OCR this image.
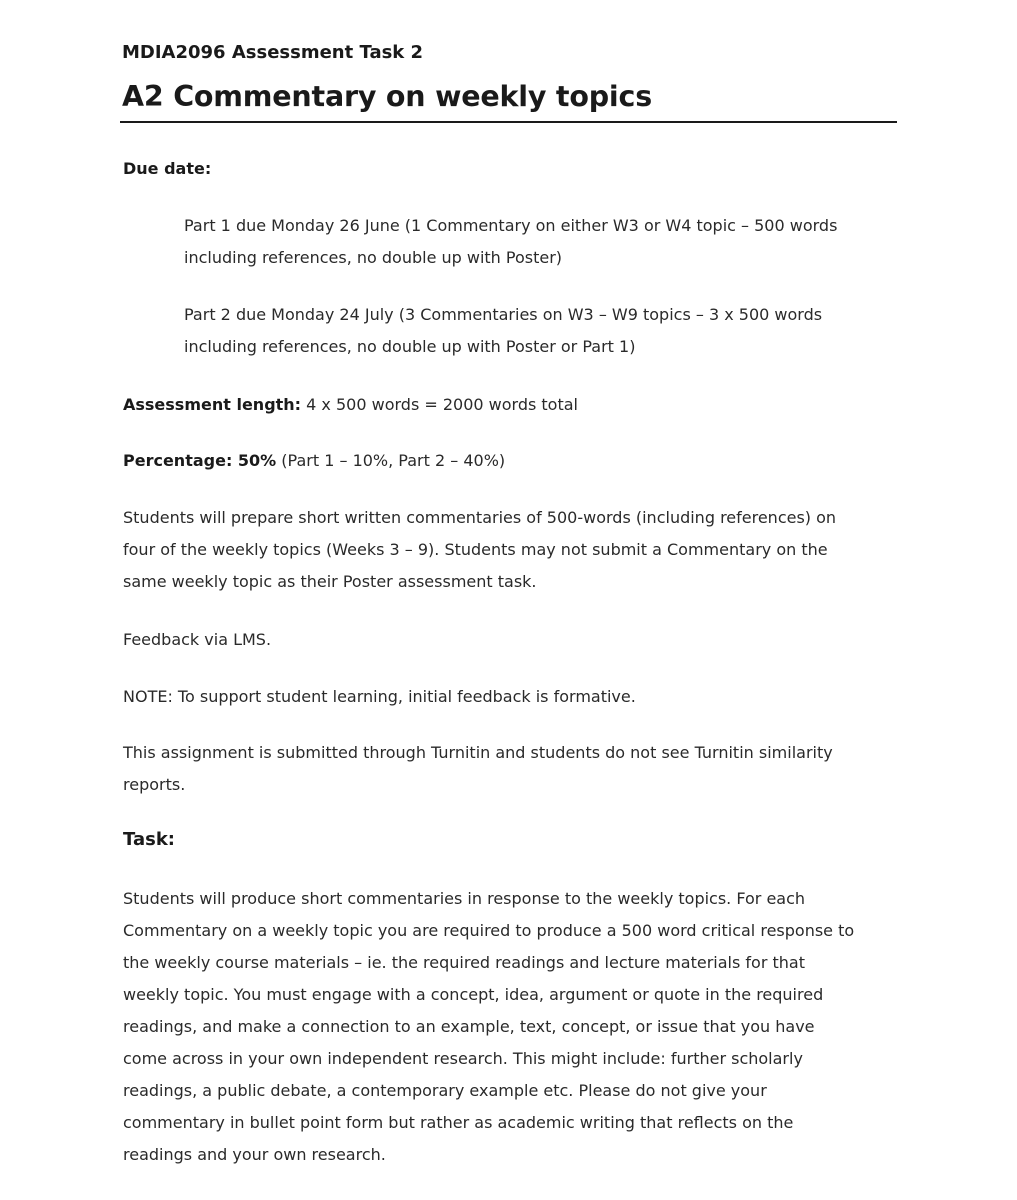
MDIA2096 Assessment Task 2
A2 Commentary on weekly topics
Due date:
Part 1 due Monday 26 June (1 Commentary on either W3 or W4 topic – 500 words
including references, no double up with Poster)
Part 2 due Monday 24 July (3 Commentaries on W3 – W9 topics – 3 x 500 words
including references, no double up with Poster or Part 1)
Assessment length: 4 x 500 words = 2000 words total
Percentage: 50% (Part 1 – 10%, Part 2 – 40%)
Students will prepare short written commentaries of 500-words (including references) on
four of the weekly topics (Weeks 3 – 9). Students may not submit a Commentary on the
same weekly topic as their Poster assessment task.
Feedback via LMS.
NOTE: To support student learning, initial feedback is formative.
This assignment is submitted through Turnitin and students do not see Turnitin similarity
reports.
Task:
Students will produce short commentaries in response to the weekly topics. For each
Commentary on a weekly topic you are required to produce a 500 word critical response to
the weekly course materials – ie. the required readings and lecture materials for that
weekly topic. You must engage with a concept, idea, argument or quote in the required
readings, and make a connection to an example, text, concept, or issue that you have
come across in your own independent research. This might include: further scholarly
readings, a public debate, a contemporary example etc. Please do not give your
commentary in bullet point form but rather as academic writing that reflects on the
readings and your own research.
